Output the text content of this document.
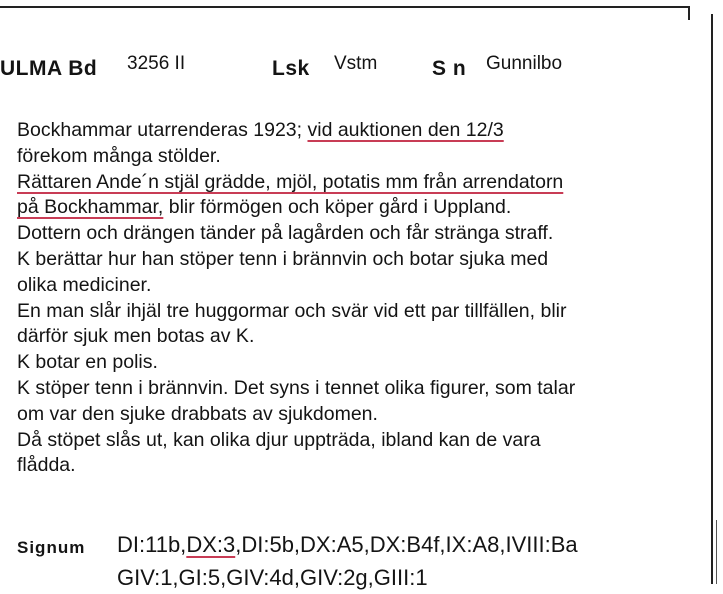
ULMA Bd 3256 II	Lsk Vstm	S n Gunnilbo
Bockhammar utarrenderas 1923; vid auktionen den 12/3
förekom många stölder.
Rättaren Ande´n stjäl grädde, mjöl, potatis mm från arrendatorn
på Bockhammar, blir förmögen och köper gård i Uppland.
Dottern och drängen tänder på lagården och får stränga straff.
K berättar hur han stöper tenn i brännvin och botar sjuka med
olika mediciner.
En man slår ihjäl tre huggormar och svär vid ett par tillfällen, blir
därför sjuk men botas av K.
K botar en polis.
K stöper tenn i brännvin. Det syns i tennet olika figurer, som talar
om var den sjuke drabbats av sjukdomen.
Då stöpet slås ut, kan olika djur uppträda, ibland kan de vara
flådda.
Signum DI:11b,DX:3,DI:5b,DX:A5,DX:B4f,IX:A8,IVIII:Ba
GIV:1,GI:5,GIV:4d,GIV:2g,GIII:1
